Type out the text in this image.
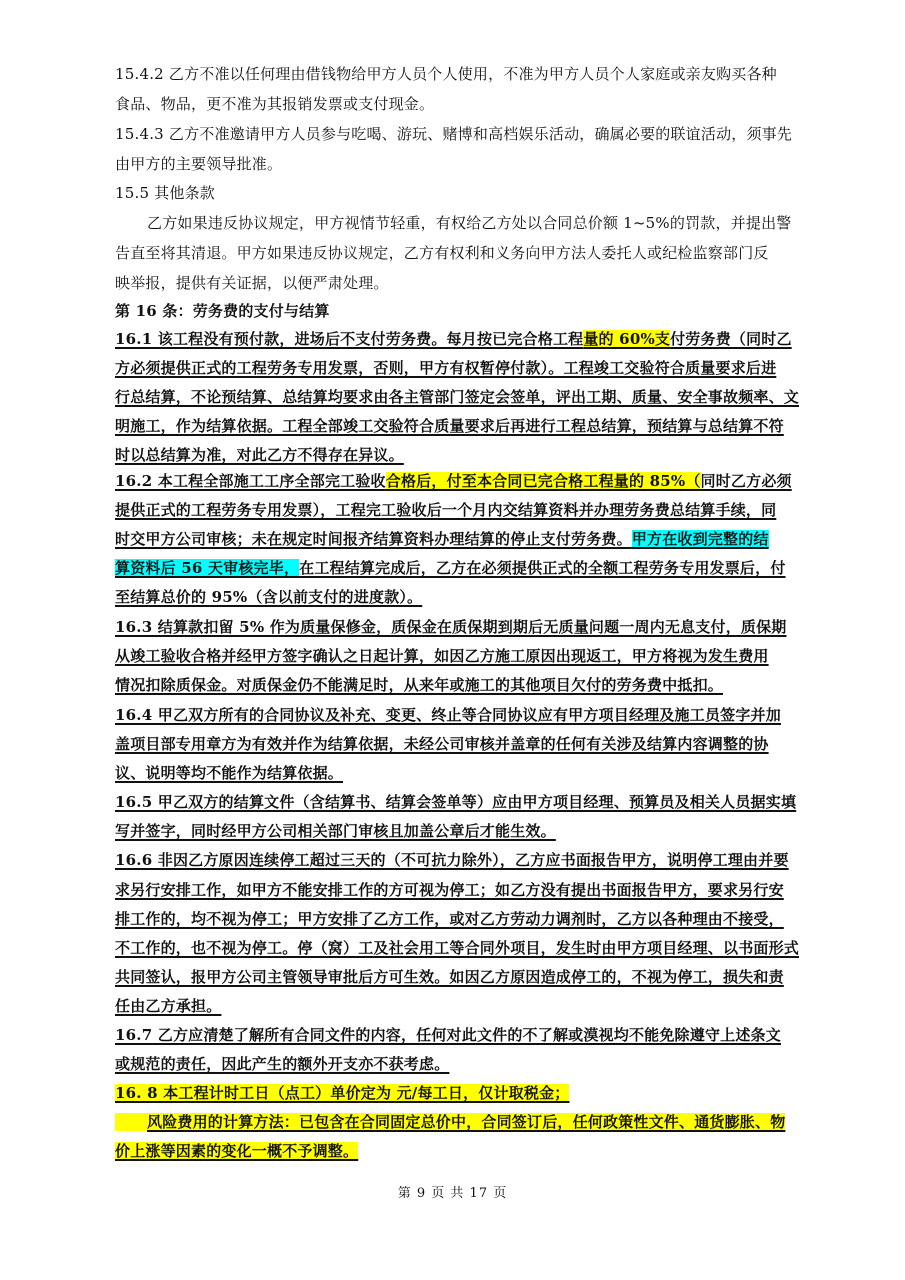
15.4.2 乙方不准以任何理由借钱物给甲方人员个人使用，不准为甲方人员个人家庭或亲友购买各种
食品、物品，更不准为其报销发票或支付现金。
15.4.3 乙方不准邀请甲方人员参与吃喝、游玩、赌博和高档娱乐活动，确属必要的联谊活动，须事先
由甲方的主要领导批准。
15.5 其他条款
乙方如果违反协议规定，甲方视情节轻重，有权给乙方处以合同总价额 1~5%的罚款，并提出警
告直至将其清退。甲方如果违反协议规定，乙方有权利和义务向甲方法人委托人或纪检监察部门反
映举报，提供有关证据，以便严肃处理。
第 16 条：劳务费的支付与结算
16.1 该工程没有预付款，进场后不支付劳务费。每月按已完合格工程量的 60%支付劳务费（同时乙
方必须提供正式的工程劳务专用发票，否则，甲方有权暂停付款）。工程竣工交验符合质量要求后进
行总结算，不论预结算、总结算均要求由各主管部门签定会签单，评出工期、质量、安全事故频率、文
明施工，作为结算依据。工程全部竣工交验符合质量要求后再进行工程总结算，预结算与总结算不符
时以总结算为准，对此乙方不得存在异议。
16.2 本工程全部施工工序全部完工验收合格后，付至本合同已完合格工程量的 85%（同时乙方必须
提供正式的工程劳务专用发票），工程完工验收后一个月内交结算资料并办理劳务费总结算手续，同
时交甲方公司审核；未在规定时间报齐结算资料办理结算的停止支付劳务费。甲方在收到完整的结
算资料后 56 天审核完毕，在工程结算完成后，乙方在必须提供正式的全额工程劳务专用发票后，付
至结算总价的 95%（含以前支付的进度款）。
16.3 结算款扣留 5% 作为质量保修金，质保金在质保期到期后无质量问题一周内无息支付，质保期
从竣工验收合格并经甲方签字确认之日起计算，如因乙方施工原因出现返工，甲方将视为发生费用
情况扣除质保金。对质保金仍不能满足时，从来年或施工的其他项目欠付的劳务费中抵扣。
16.4 甲乙双方所有的合同协议及补充、变更、终止等合同协议应有甲方项目经理及施工员签字并加
盖项目部专用章方为有效并作为结算依据，未经公司审核并盖章的任何有关涉及结算内容调整的协
议、说明等均不能作为结算依据。
16.5 甲乙双方的结算文件（含结算书、结算会签单等）应由甲方项目经理、预算员及相关人员据实填
写并签字，同时经甲方公司相关部门审核且加盖公章后才能生效。
16.6 非因乙方原因连续停工超过三天的（不可抗力除外），乙方应书面报告甲方，说明停工理由并要
求另行安排工作，如甲方不能安排工作的方可视为停工；如乙方没有提出书面报告甲方，要求另行安
排工作的，均不视为停工；甲方安排了乙方工作，或对乙方劳动力调剂时，乙方以各种理由不接受，
不工作的，也不视为停工。停（窝）工及社会用工等合同外项目，发生时由甲方项目经理、以书面形式
共同签认，报甲方公司主管领导审批后方可生效。如因乙方原因造成停工的，不视为停工，损失和责
任由乙方承担。
16.7 乙方应清楚了解所有合同文件的内容，任何对此文件的不了解或漠视均不能免除遵守上述条文
或规范的责任，因此产生的额外开支亦不获考虑。
16. 8 本工程计时工日（点工）单价定为 元/每工日，仅计取税金；
风险费用的计算方法：已包含在合同固定总价中，合同签订后，任何政策性文件、通货膨胀、物
价上涨等因素的变化一概不予调整。
第 9 页 共 17 页
